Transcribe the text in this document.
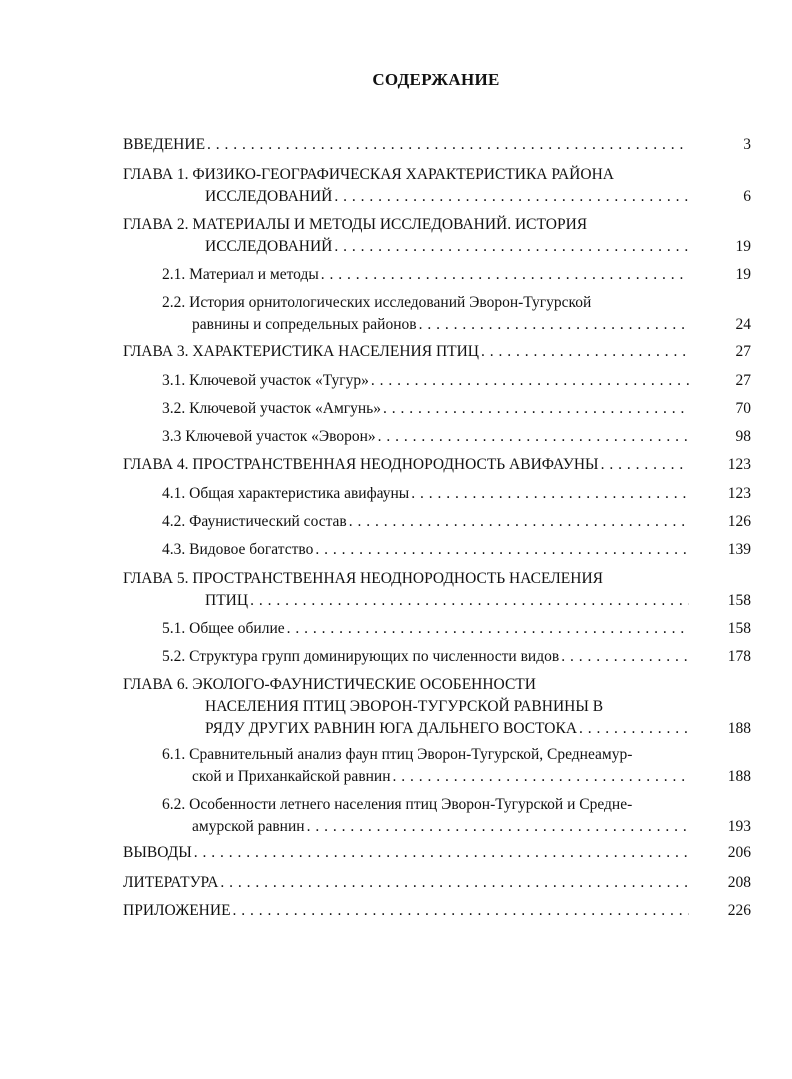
СОДЕРЖАНИЕ
ВВЕДЕНИЕ . . .	3
ГЛАВА 1. ФИЗИКО-ГЕОГРАФИЧЕСКАЯ ХАРАКТЕРИСТИКА РАЙОНА
ИССЛЕДОВАНИЙ . . .	6
ГЛАВА 2. МАТЕРИАЛЫ И МЕТОДЫ ИССЛЕДОВАНИЙ. ИСТОРИЯ
ИССЛЕДОВАНИЙ . . .	19
2.1. Материал и методы . . .	19
2.2. История орнитологических исследований Эворон-Тугурской
равнины и сопредельных районов . . .	24
ГЛАВА 3. ХАРАКТЕРИСТИКА НАСЕЛЕНИЯ ПТИЦ . . .	27
3.1. Ключевой участок «Тугур» . . .	27
3.2. Ключевой участок «Амгунь» . . .	70
3.3 Ключевой участок «Эворон» . . .	98
ГЛАВА 4. ПРОСТРАНСТВЕННАЯ НЕОДНОРОДНОСТЬ АВИФАУНЫ . . .	123
4.1. Общая характеристика авифауны . . .	123
4.2. Фаунистический состав . . .	126
4.3. Видовое богатство . . .	139
ГЛАВА 5. ПРОСТРАНСТВЕННАЯ НЕОДНОРОДНОСТЬ НАСЕЛЕНИЯ
ПТИЦ . . .	158
5.1. Общее обилие . . .	158
5.2. Структура групп доминирующих по численности видов . . .	178
ГЛАВА 6. ЭКОЛОГО-ФАУНИСТИЧЕСКИЕ ОСОБЕННОСТИ
НАСЕЛЕНИЯ ПТИЦ ЭВОРОН-ТУГУРСКОЙ РАВНИНЫ В
РЯДУ ДРУГИХ РАВНИН ЮГА ДАЛЬНЕГО ВОСТОКА . . .	188
6.1. Сравнительный анализ фаун птиц Эворон-Тугурской, Среднеамур-
ской и Приханкайской равнин . . .	188
6.2. Особенности летнего населения птиц Эворон-Тугурской и Средне-
амурской равнин . . .	193
ВЫВОДЫ . . .	206
ЛИТЕРАТУРА . . .	208
ПРИЛОЖЕНИЕ . . .	226
